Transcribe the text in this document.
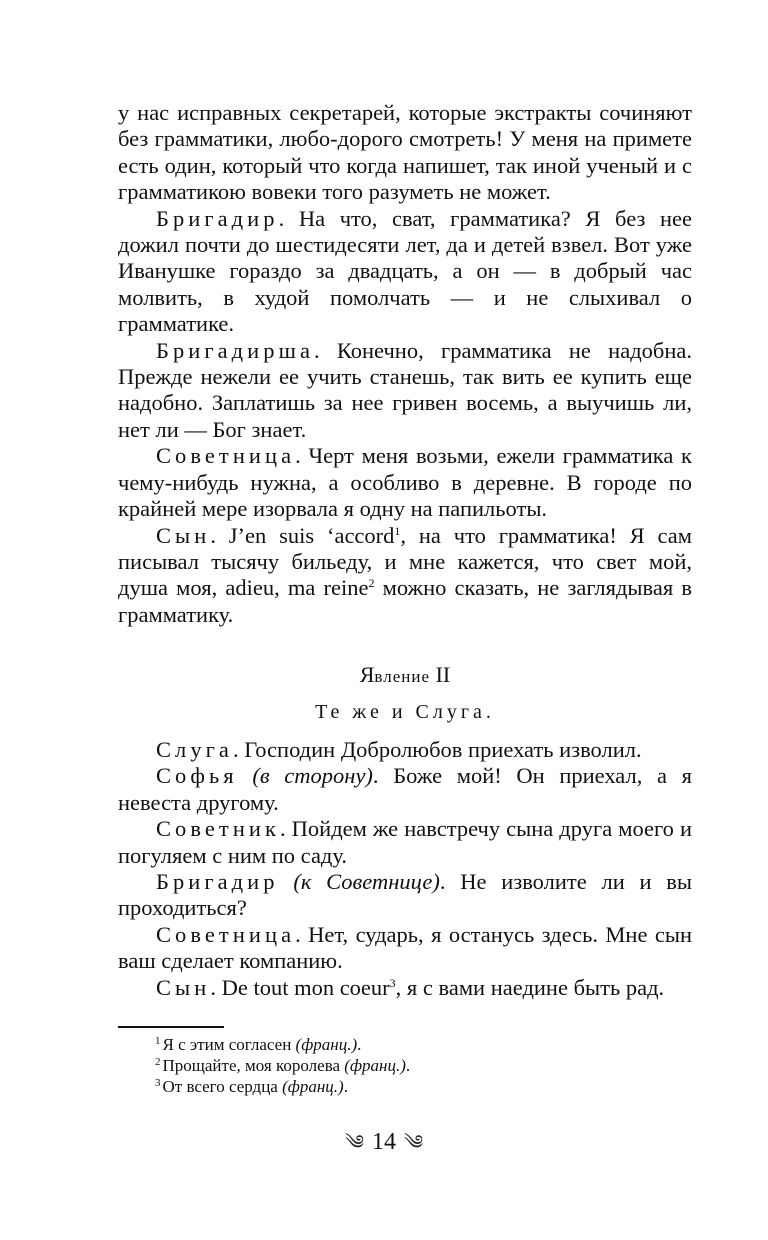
у нас исправных секретарей, которые экстракты сочиняют без грамматики, любо-дорого смотреть! У меня на примете есть один, который что когда напишет, так иной ученый и с грамматикою вовеки того разуметь не может.

Бригадир. На что, сват, грамматика? Я без нее дожил почти до шестидесяти лет, да и детей взвел. Вот уже Иванушке гораздо за двадцать, а он — в добрый час молвить, в худой помолчать — и не слыхивал о грамматике.

Бригадирша. Конечно, грамматика не надобна. Прежде нежели ее учить станешь, так вить ее купить еще надобно. Заплатишь за нее гривен восемь, а выучишь ли, нет ли — Бог знает.

Советница. Черт меня возьми, ежели грамматика к чему-нибудь нужна, а особливо в деревне. В городе по крайней мере изорвала я одну на папильоты.

Сын. J’en suis ‘accord$^1$, на что грамматика! Я сам писывал тысячу бильеду, и мне кажется, что свет мой, душа моя, adieu, ma reine$^2$ можно сказать, не заглядывая в грамматику.

Явление II

Те же и Слуга.

Слуга. Господин Добролюбов приехать изволил.

Софья (в сторону). Боже мой! Он приехал, а я невеста другому.

Советник. Пойдем же навстречу сына друга моего и погуляем с ним по саду.

Бригадир (к Советнице). Не изволите ли и вы проходиться?

Советница. Нет, сударь, я останусь здесь. Мне сын ваш сделает компанию.

Сын. De tout mon coeur$^3$, я с вами наедине быть рад.

$^1$ Я с этим согласен (франц.).

$^2$ Прощайте, моя королева (франц.).

$^3$ От всего сердца (франц.).

༄ 14 ༄
